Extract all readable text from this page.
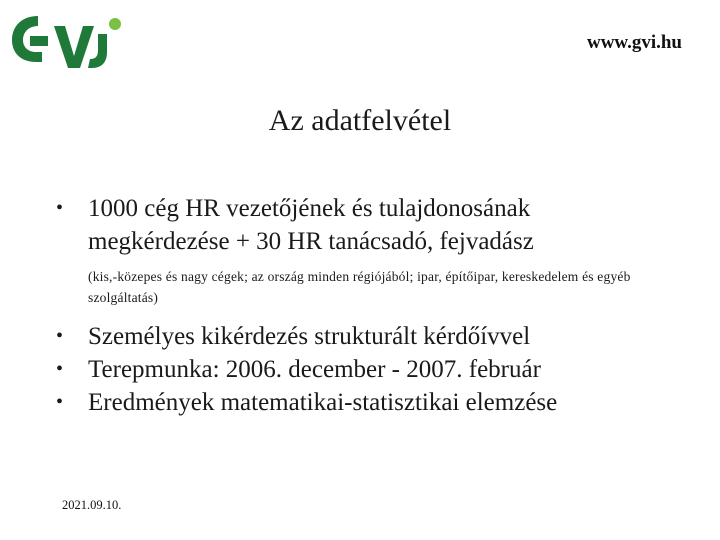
www.gvi.hu
Az adatfelvétel
• 1000 cég HR vezetőjének és tulajdonosának megkérdezése + 30 HR tanácsadó, fejvadász
(kis,-közepes és nagy cégek; az ország minden régiójából; ipar, építőipar, kereskedelem és egyéb szolgáltatás)
• Személyes kikérdezés strukturált kérdőívvel
• Terepmunka: 2006. december - 2007. február
• Eredmények matematikai-statisztikai elemzése
2021.09.10.
